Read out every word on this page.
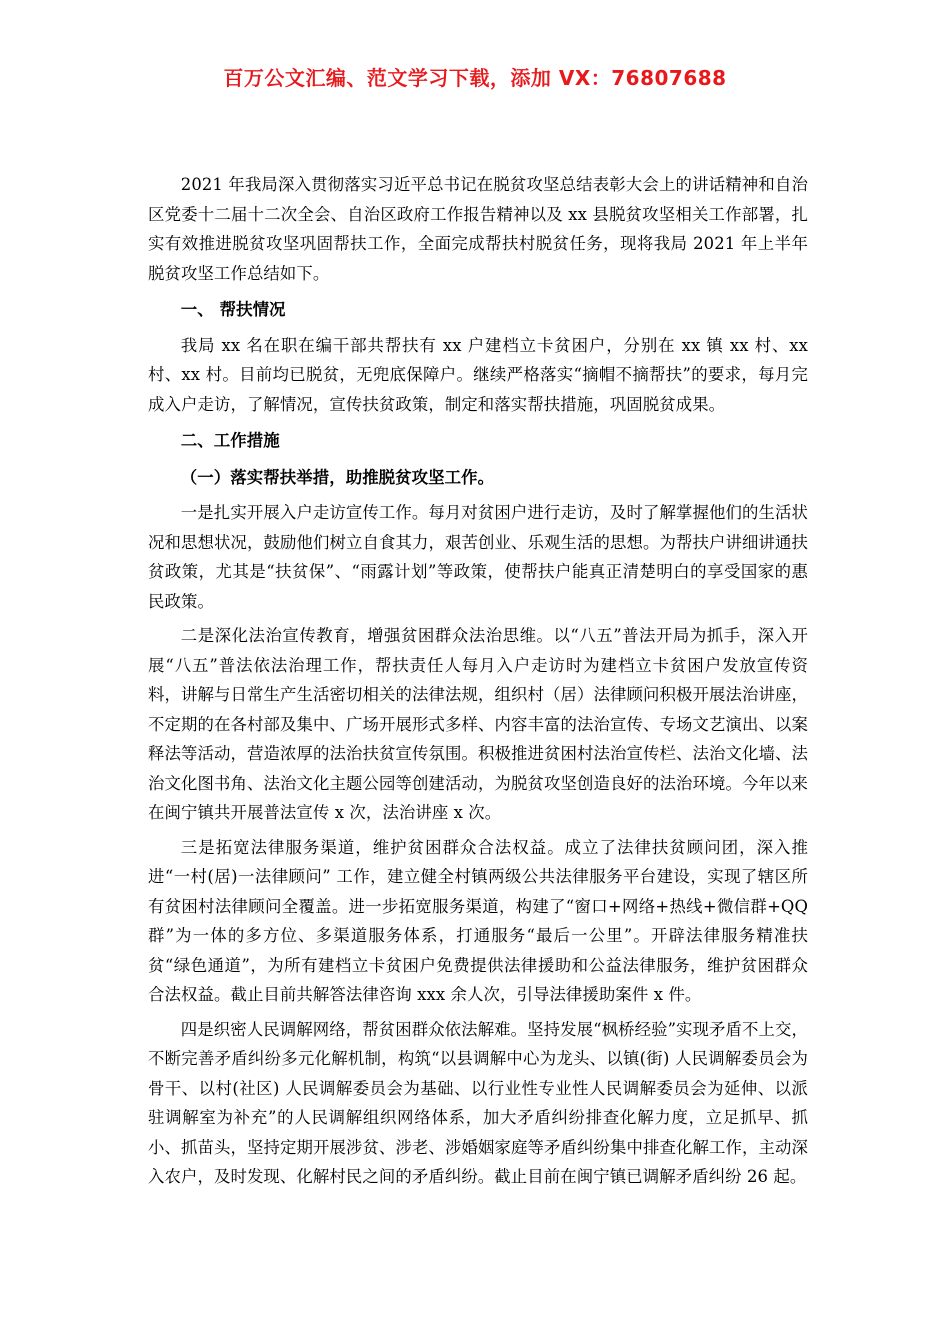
百万公文汇编、范文学习下载，添加 VX：76807688

2021 年我局深入贯彻落实习近平总书记在脱贫攻坚总结表彰大会上的讲话精神和自治区党委十二届十二次全会、自治区政府工作报告精神以及 xx 县脱贫攻坚相关工作部署，扎实有效推进脱贫攻坚巩固帮扶工作，全面完成帮扶村脱贫任务，现将我局 2021 年上半年脱贫攻坚工作总结如下。

一、 帮扶情况

我局 xx 名在职在编干部共帮扶有 xx 户建档立卡贫困户，分别在 xx 镇 xx 村、xx 村、xx 村。目前均已脱贫，无兜底保障户。继续严格落实“摘帽不摘帮扶”的要求，每月完成入户走访，了解情况，宣传扶贫政策，制定和落实帮扶措施，巩固脱贫成果。

二、工作措施

（一）落实帮扶举措，助推脱贫攻坚工作。

一是扎实开展入户走访宣传工作。每月对贫困户进行走访，及时了解掌握他们的生活状况和思想状况，鼓励他们树立自食其力，艰苦创业、乐观生活的思想。为帮扶户讲细讲通扶贫政策，尤其是“扶贫保”、“雨露计划”等政策，使帮扶户能真正清楚明白的享受国家的惠民政策。

二是深化法治宣传教育，增强贫困群众法治思维。以“八五”普法开局为抓手，深入开展“八五”普法依法治理工作，帮扶责任人每月入户走访时为建档立卡贫困户发放宣传资料，讲解与日常生产生活密切相关的法律法规，组织村（居）法律顾问积极开展法治讲座，不定期的在各村部及集中、广场开展形式多样、内容丰富的法治宣传、专场文艺演出、以案释法等活动，营造浓厚的法治扶贫宣传氛围。积极推进贫困村法治宣传栏、法治文化墙、法治文化图书角、法治文化主题公园等创建活动，为脱贫攻坚创造良好的法治环境。今年以来在闽宁镇共开展普法宣传 x 次，法治讲座 x 次。

三是拓宽法律服务渠道，维护贫困群众合法权益。成立了法律扶贫顾问团，深入推进“一村(居)一法律顾问” 工作，建立健全村镇两级公共法律服务平台建设，实现了辖区所有贫困村法律顾问全覆盖。进一步拓宽服务渠道，构建了“窗口+网络+热线+微信群+QQ 群”为一体的多方位、多渠道服务体系，打通服务“最后一公里”。开辟法律服务精准扶贫“绿色通道”，为所有建档立卡贫困户免费提供法律援助和公益法律服务，维护贫困群众合法权益。截止目前共解答法律咨询 xxx 余人次，引导法律援助案件 x 件。

四是织密人民调解网络，帮贫困群众依法解难。坚持发展“枫桥经验”实现矛盾不上交，不断完善矛盾纠纷多元化解机制，构筑“以县调解中心为龙头、以镇(街) 人民调解委员会为骨干、以村(社区) 人民调解委员会为基础、以行业性专业性人民调解委员会为延伸、以派驻调解室为补充”的人民调解组织网络体系，加大矛盾纠纷排查化解力度，立足抓早、抓小、抓苗头，坚持定期开展涉贫、涉老、涉婚姻家庭等矛盾纠纷集中排查化解工作，主动深入农户，及时发现、化解村民之间的矛盾纠纷。截止目前在闽宁镇已调解矛盾纠纷 26 起。
